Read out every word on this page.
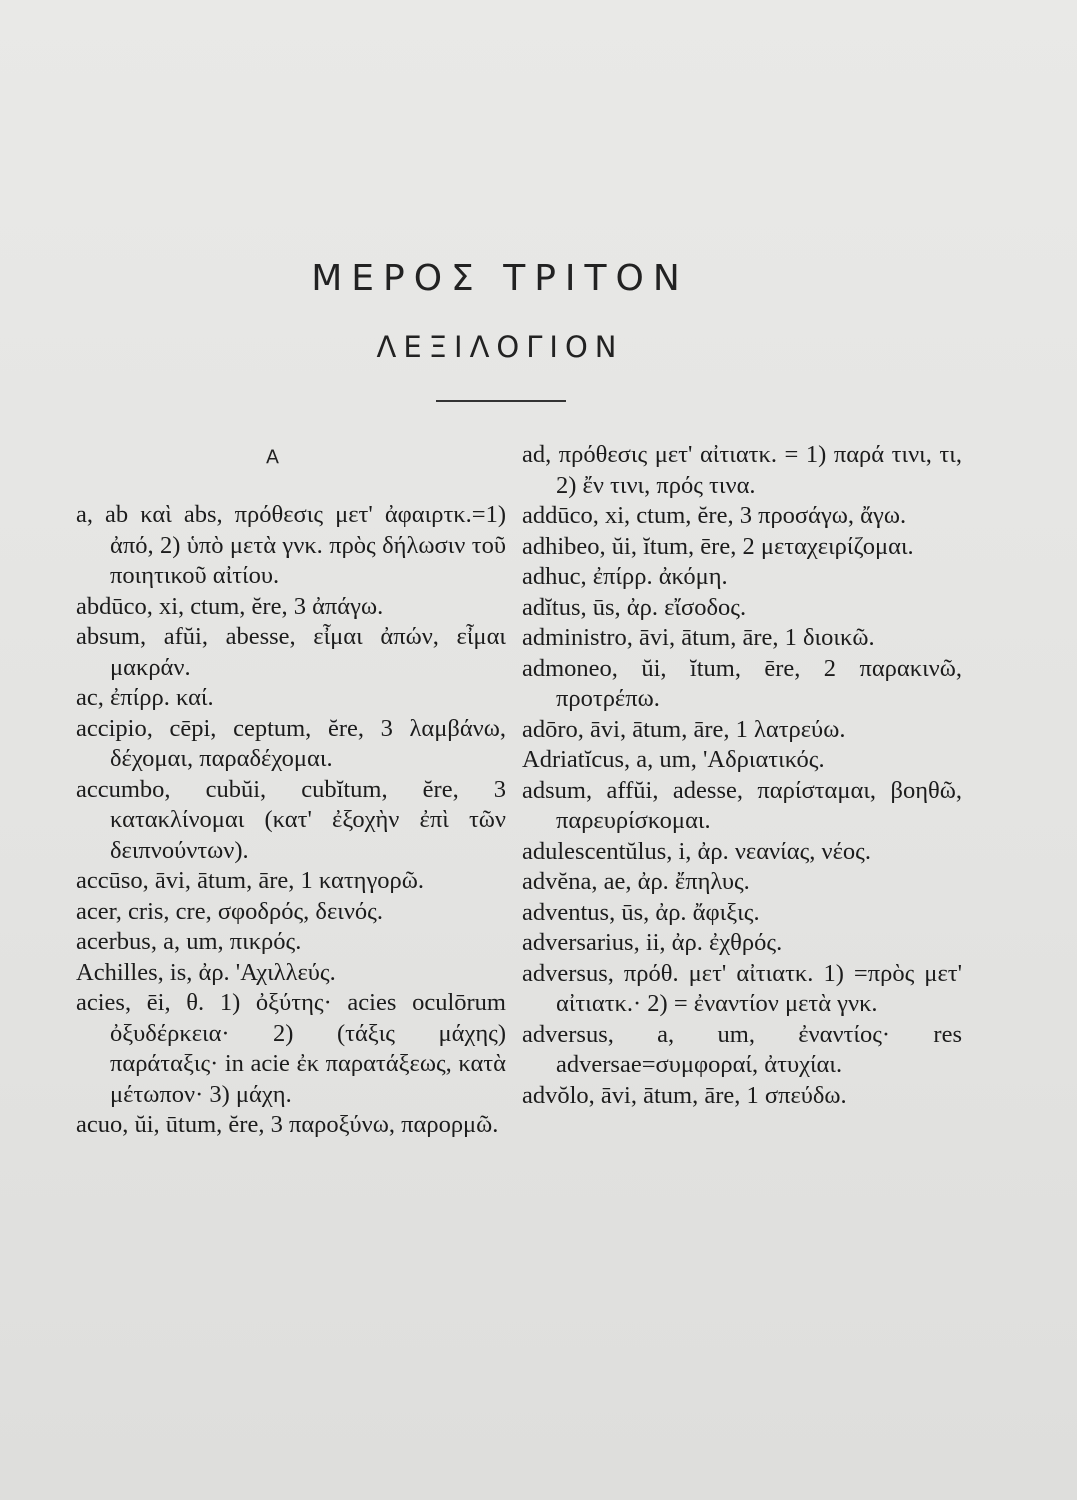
ΜΕΡΟΣ ΤΡΙΤΟΝ
ΛΕΞΙΛΟΓΙΟΝ
Α

a, ab καὶ abs, πρόθεσις μετ' ἀφαιρτκ.=1) ἀπό, 2) ὑπὸ μετὰ γνκ. πρὸς δήλωσιν τοῦ ποιητικοῦ αἰτίου.

abdūco, xi, ctum, ĕre, 3 ἀπάγω.

absum, afŭi, abesse, εἶμαι ἀπών, εἶμαι μακράν.

ac, ἐπίρρ. καί.

accipio, cēpi, ceptum, ĕre, 3 λαμβάνω, δέχομαι, παραδέχομαι.

accumbo, cubŭi, cubĭtum, ĕre, 3 κατακλίνομαι (κατ' ἐξοχὴν ἐπὶ τῶν δειπνούντων).

accūso, āvi, ātum, āre, 1 κατηγορῶ.

acer, cris, cre, σφοδρός, δεινός.

acerbus, a, um, πικρός.

Achilles, is, ἀρ. 'Αχιλλεύς.

acies, ēi, θ. 1) ὀξύτης· acies oculōrum ὀξυδέρκεια· 2) (τάξις μάχης) παράταξις· in acie ἐκ παρατάξεως, κατὰ μέτωπον· 3) μάχη.

acuo, ŭi, ūtum, ĕre, 3 παροξύνω, παρορμῶ.

ad, πρόθεσις μετ' αἰτιατκ. = 1) παρά τινι, τι, 2) ἔν τινι, πρός τινα.

addūco, xi, ctum, ĕre, 3 προσάγω, ἄγω.

adhibeo, ŭi, ĭtum, ēre, 2 μεταχειρίζομαι.

adhuc, ἐπίρρ. ἀκόμη.

adĭtus, ūs, ἀρ. εἴσοδος.

administro, āvi, ātum, āre, 1 διοικῶ.

admoneo, ŭi, ĭtum, ēre, 2 παρακινῶ, προτρέπω.

adōro, āvi, ātum, āre, 1 λατρεύω.

Adriatĭcus, a, um, 'Αδριατικός.

adsum, affŭi, adesse, παρίσταμαι, βοηθῶ, παρευρίσκομαι.

adulescentŭlus, i, ἀρ. νεανίας, νέος.

advĕna, ae, ἀρ. ἔπηλυς.

adventus, ūs, ἀρ. ἄφιξις.

adversarius, ii, ἀρ. ἐχθρός.

adversus, πρόθ. μετ' αἰτιατκ. 1) =πρὸς μετ' αἰτιατκ.· 2) = ἐναντίον μετὰ γνκ.

adversus, a, um, ἐναντίος· res adversae=συμφοραί, ἀτυχίαι.

advŏlo, āvi, ātum, āre, 1 σπεύδω.
